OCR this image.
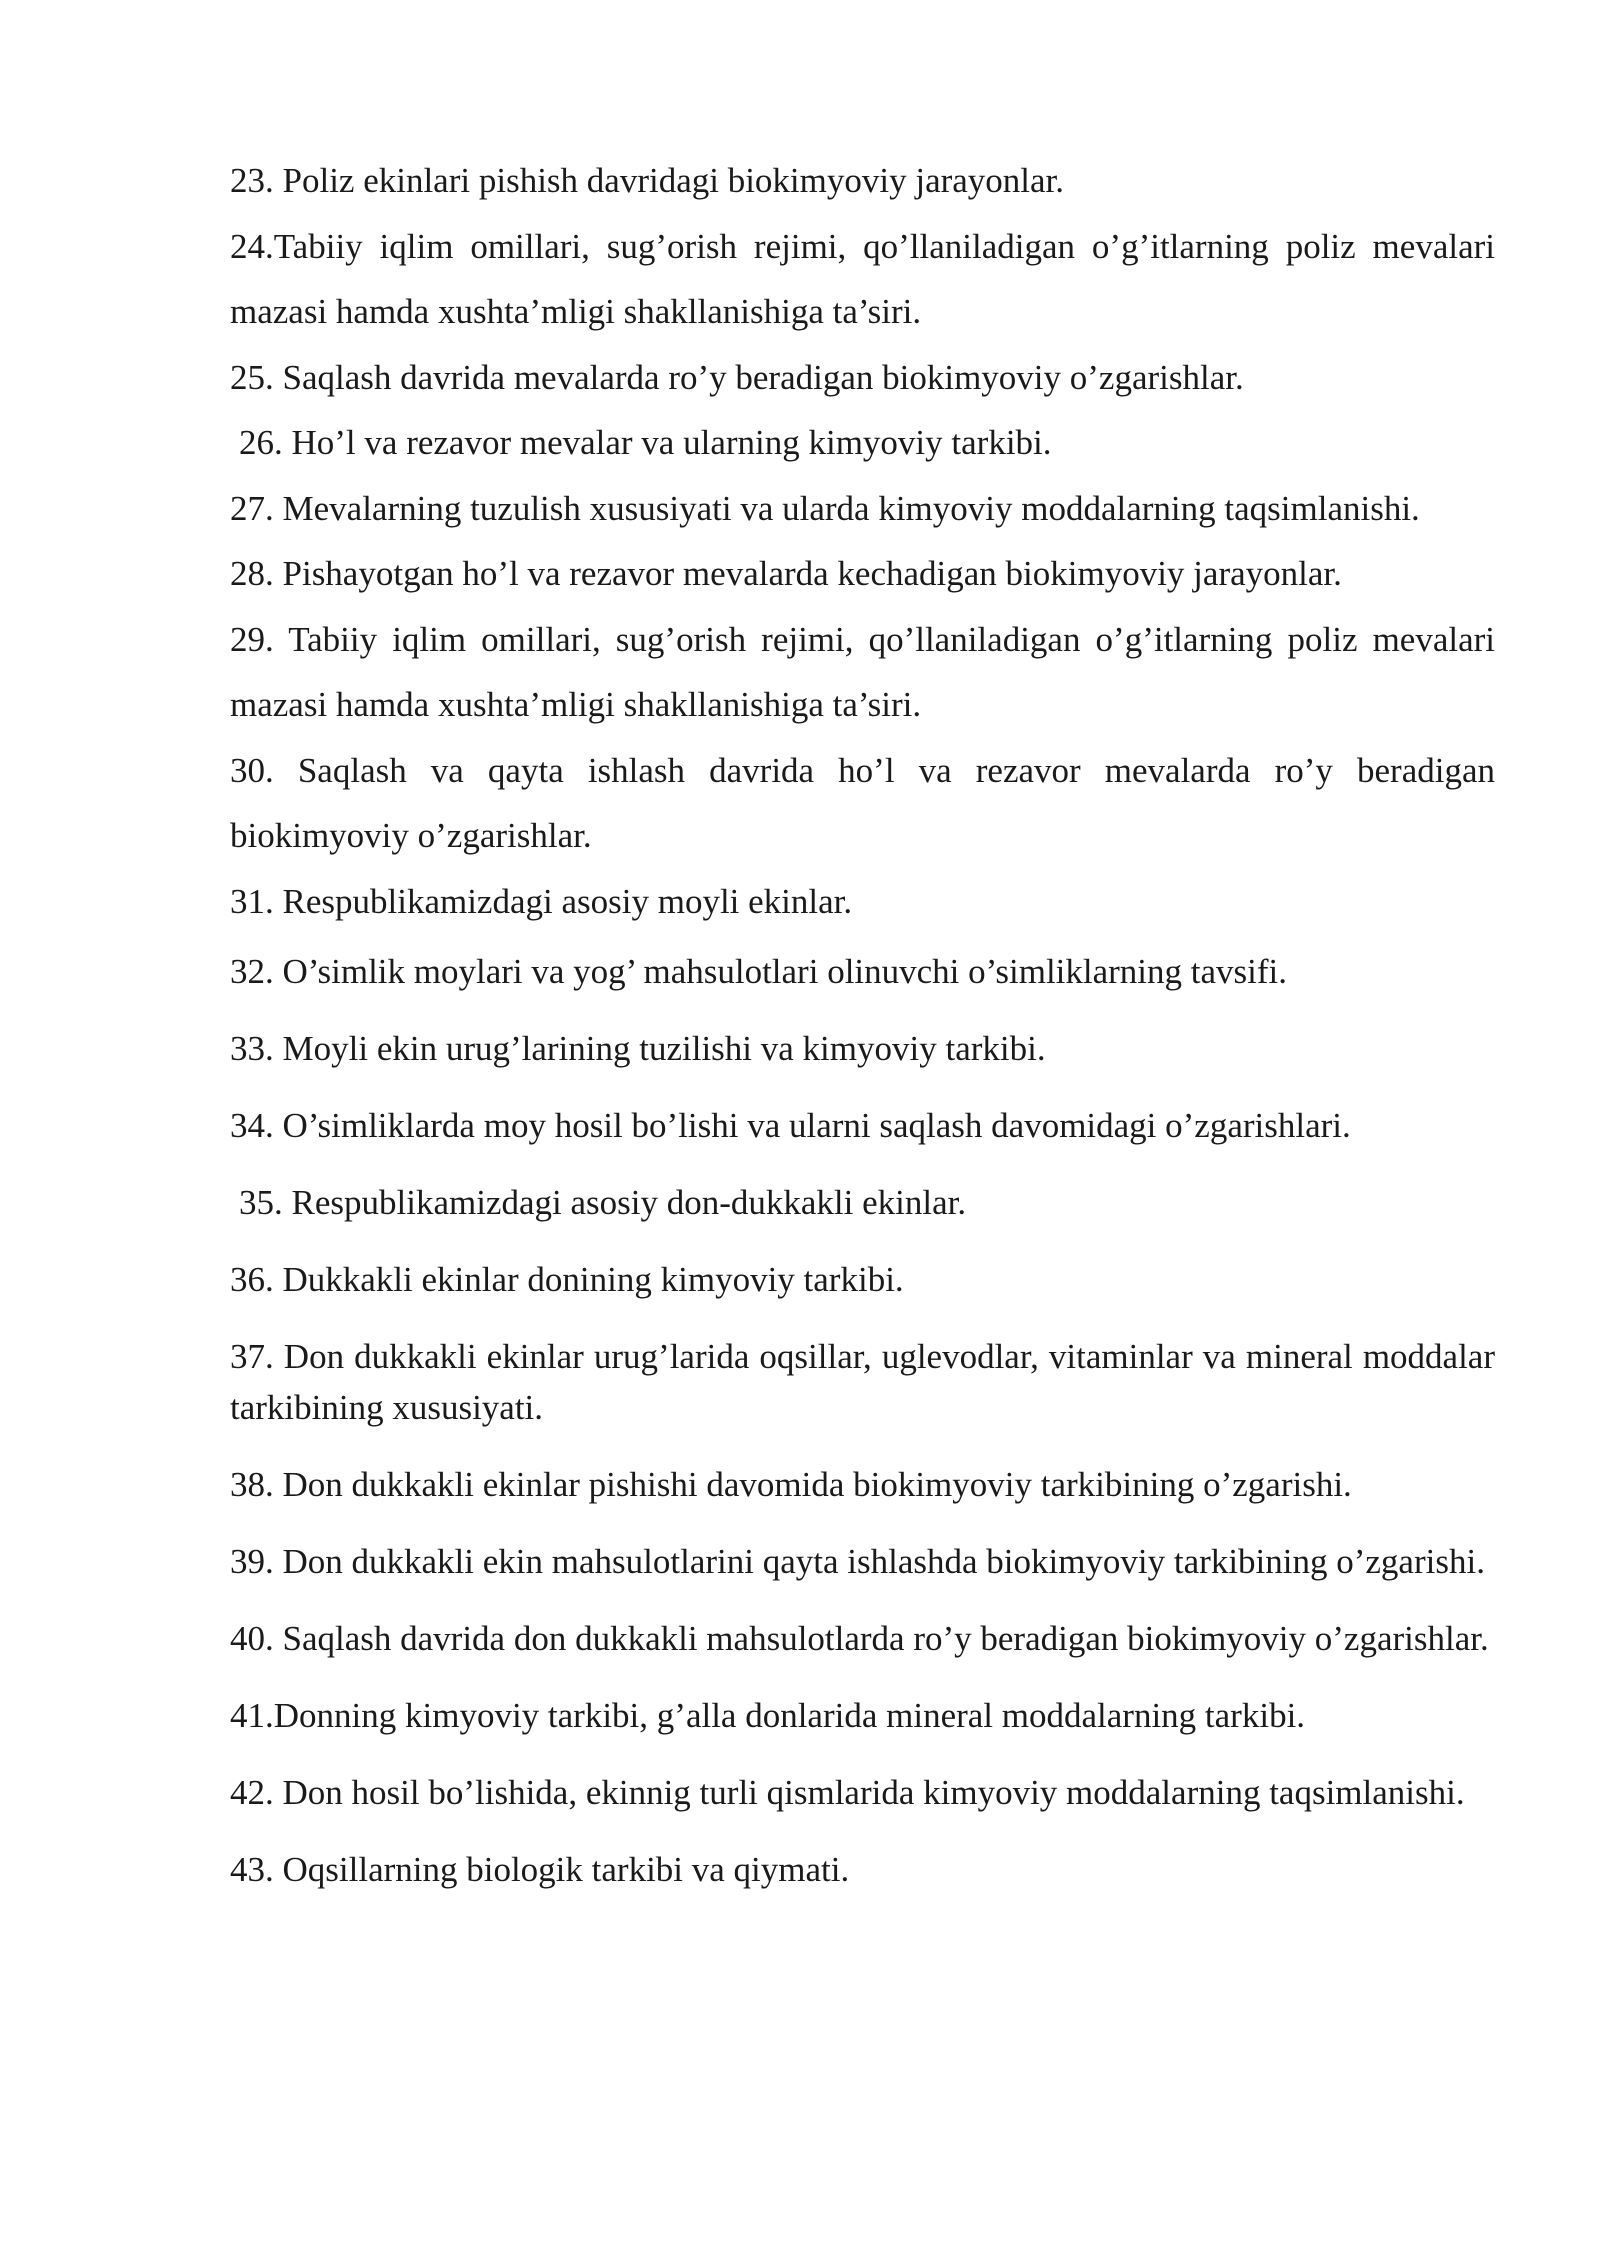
23. Poliz ekinlari pishish davridagi biokimyoviy jarayonlar.

24.Tabiiy iqlim omillari, sug’orish rejimi, qo’llaniladigan o’g’itlarning poliz mevalari mazasi hamda xushta’mligi shakllanishiga ta’siri.

25. Saqlash davrida mevalarda ro’y beradigan biokimyoviy o’zgarishlar.

26. Ho’l va rezavor mevalar va ularning kimyoviy tarkibi.

27. Mevalarning tuzulish xususiyati va ularda kimyoviy moddalarning taqsimlanishi.

28. Pishayotgan ho’l va rezavor mevalarda kechadigan biokimyoviy jarayonlar.

29. Tabiiy iqlim omillari, sug’orish rejimi, qo’llaniladigan o’g’itlarning poliz mevalari mazasi hamda xushta’mligi shakllanishiga ta’siri.

30. Saqlash va qayta ishlash davrida ho’l va rezavor mevalarda ro’y beradigan biokimyoviy o’zgarishlar.

31. Respublikamizdagi asosiy moyli ekinlar.

32. O’simlik moylari va yog’ mahsulotlari olinuvchi o’simliklarning tavsifi.

33. Moyli ekin urug’larining tuzilishi va kimyoviy tarkibi.

34. O’simliklarda moy hosil bo’lishi va ularni saqlash davomidagi o’zgarishlari.

35. Respublikamizdagi asosiy don-dukkakli ekinlar.

36. Dukkakli ekinlar donining kimyoviy tarkibi.

37. Don dukkakli ekinlar urug’larida oqsillar, uglevodlar, vitaminlar va mineral moddalar tarkibining xususiyati.

38. Don dukkakli ekinlar pishishi davomida biokimyoviy tarkibining o’zgarishi.

39. Don dukkakli ekin mahsulotlarini qayta ishlashda biokimyoviy tarkibining o’zgarishi.

40. Saqlash davrida don dukkakli mahsulotlarda ro’y beradigan biokimyoviy o’zgarishlar.

41.Donning kimyoviy tarkibi, g’alla donlarida mineral moddalarning tarkibi.

42. Don hosil bo’lishida, ekinnig turli qismlarida kimyoviy moddalarning taqsimlanishi.

43. Oqsillarning biologik tarkibi va qiymati.
